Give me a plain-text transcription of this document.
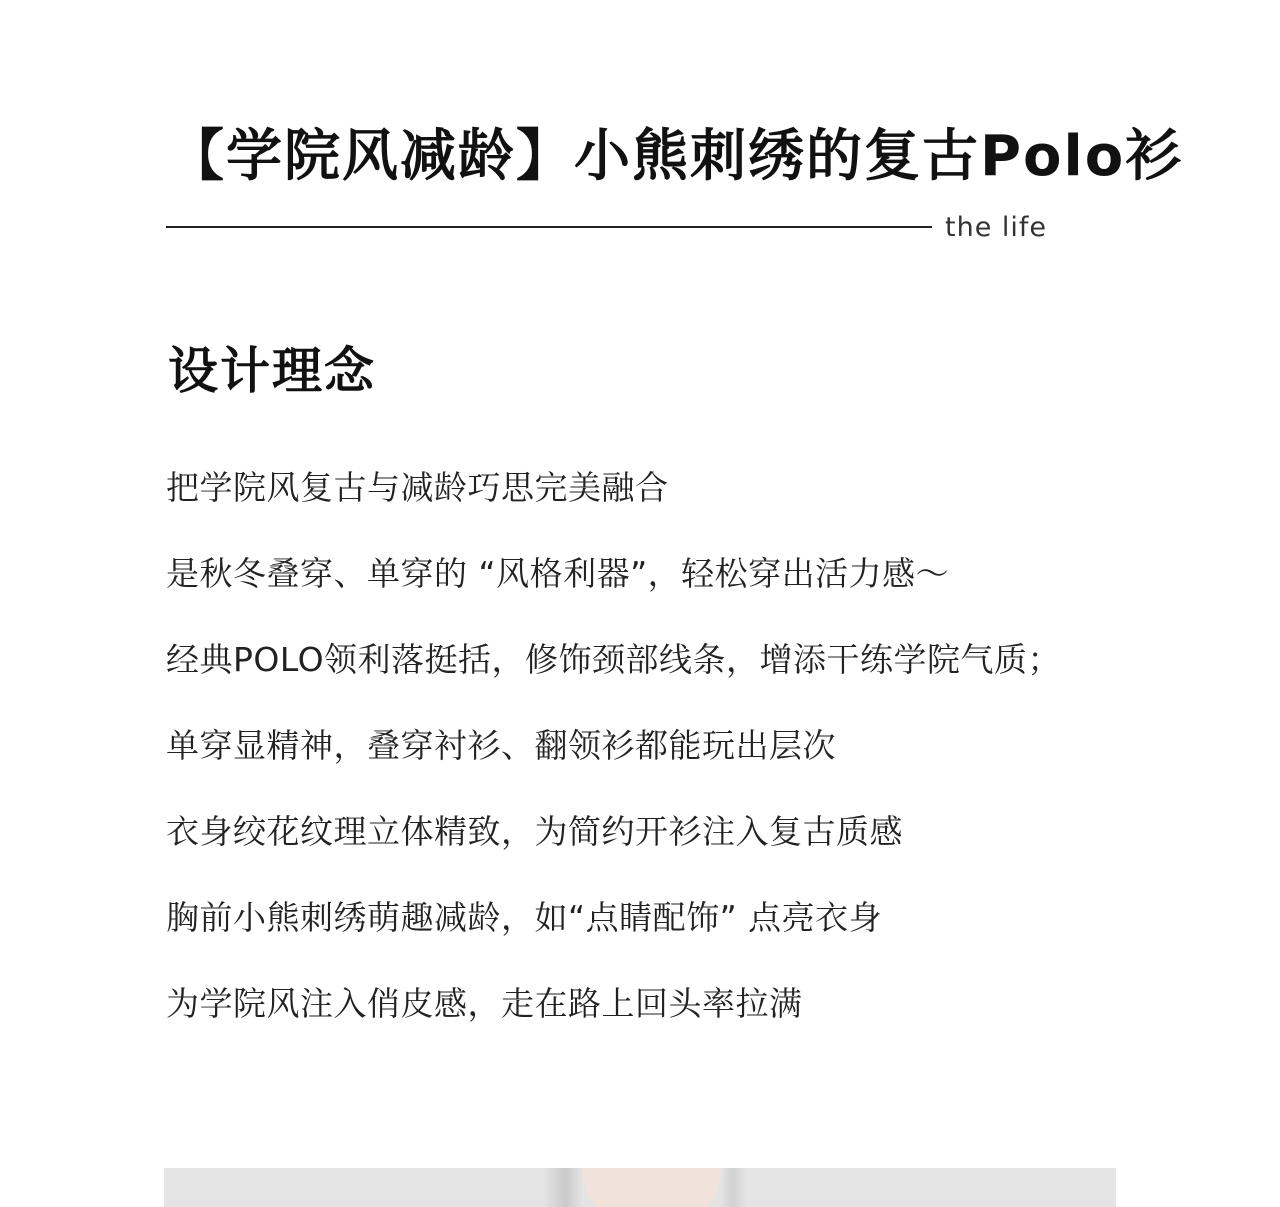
【学院风减龄】小熊刺绣的复古Polo衫
the life
设计理念
把学院风复古与减龄巧思完美融合
是秋冬叠穿、单穿的 “风格利器”，轻松穿出活力感～
经典POLO领利落挺括，修饰颈部线条，增添干练学院气质；
单穿显精神，叠穿衬衫、翻领衫都能玩出层次
衣身绞花纹理立体精致，为简约开衫注入复古质感
胸前小熊刺绣萌趣减龄，如“点睛配饰” 点亮衣身
为学院风注入俏皮感，走在路上回头率拉满
